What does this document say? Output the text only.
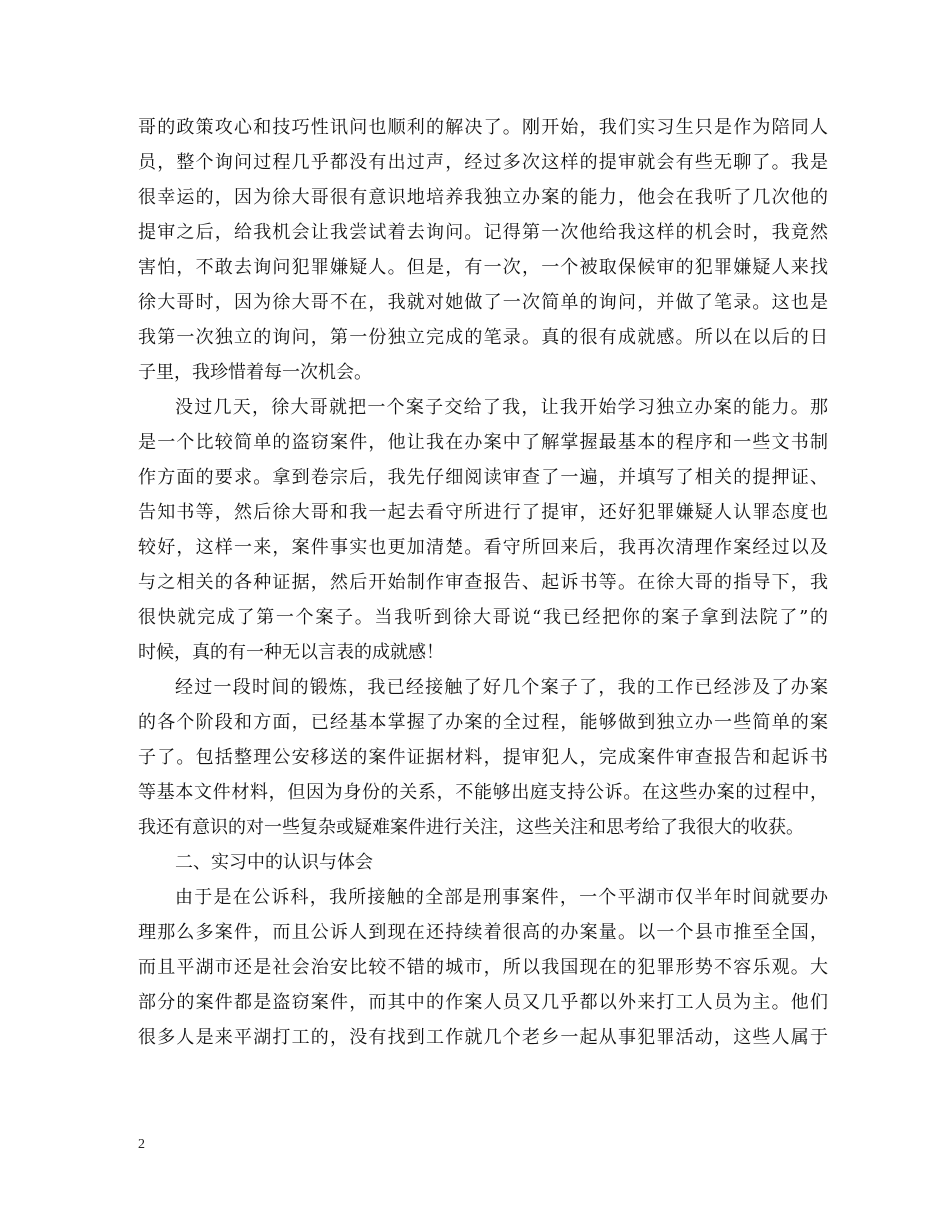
哥的政策攻心和技巧性讯问也顺利的解决了。刚开始，我们实习生只是作为陪同人
员，整个询问过程几乎都没有出过声，经过多次这样的提审就会有些无聊了。我是
很幸运的，因为徐大哥很有意识地培养我独立办案的能力，他会在我听了几次他的
提审之后，给我机会让我尝试着去询问。记得第一次他给我这样的机会时，我竟然
害怕，不敢去询问犯罪嫌疑人。但是，有一次，一个被取保候审的犯罪嫌疑人来找
徐大哥时，因为徐大哥不在，我就对她做了一次简单的询问，并做了笔录。这也是
我第一次独立的询问，第一份独立完成的笔录。真的很有成就感。所以在以后的日
子里，我珍惜着每一次机会。
没过几天，徐大哥就把一个案子交给了我，让我开始学习独立办案的能力。那
是一个比较简单的盗窃案件，他让我在办案中了解掌握最基本的程序和一些文书制
作方面的要求。拿到卷宗后，我先仔细阅读审查了一遍，并填写了相关的提押证、
告知书等，然后徐大哥和我一起去看守所进行了提审，还好犯罪嫌疑人认罪态度也
较好，这样一来，案件事实也更加清楚。看守所回来后，我再次清理作案经过以及
与之相关的各种证据，然后开始制作审查报告、起诉书等。在徐大哥的指导下，我
很快就完成了第一个案子。当我听到徐大哥说“我已经把你的案子拿到法院了”的
时候，真的有一种无以言表的成就感！
经过一段时间的锻炼，我已经接触了好几个案子了，我的工作已经涉及了办案
的各个阶段和方面，已经基本掌握了办案的全过程，能够做到独立办一些简单的案
子了。包括整理公安移送的案件证据材料，提审犯人，完成案件审查报告和起诉书
等基本文件材料，但因为身份的关系，不能够出庭支持公诉。在这些办案的过程中，
我还有意识的对一些复杂或疑难案件进行关注，这些关注和思考给了我很大的收获。
二、实习中的认识与体会
由于是在公诉科，我所接触的全部是刑事案件，一个平湖市仅半年时间就要办
理那么多案件，而且公诉人到现在还持续着很高的办案量。以一个县市推至全国，
而且平湖市还是社会治安比较不错的城市，所以我国现在的犯罪形势不容乐观。大
部分的案件都是盗窃案件，而其中的作案人员又几乎都以外来打工人员为主。他们
很多人是来平湖打工的，没有找到工作就几个老乡一起从事犯罪活动，这些人属于
2
